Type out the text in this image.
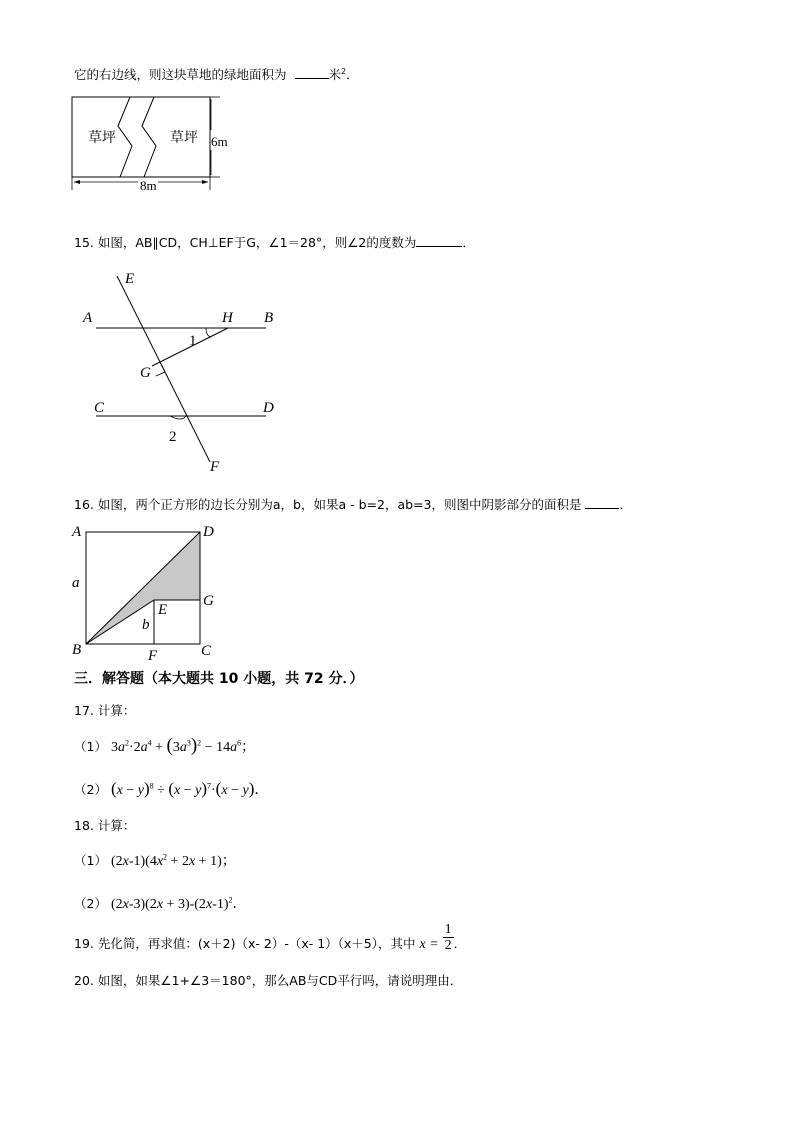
它的右边线，则这块草地的绿地面积为	米$^2$．
草坪	草坪 6m
8m
15. 如图，AB∥CD，CH⊥EF于G，∠1＝28°，则∠2的度数为	．
E
A	H B
1
G
C	D
2
F
16. 如图，两个正方形的边长分别为a，b，如果a - b=2，ab=3，则图中阴影部分的面积是	．
A	D
a
E
G
b
B	F	C
三．解答题（本大题共 10 小题，共 72 分．）
17. 计算：
（1） $3a^2\cdot 2a^4 + (3a^3)^2 - 14a^6$；
（2） $(x - y)^8 \div (x - y)^7\cdot(x - y)$．
18. 计算：
（1） $(2x-1)(4x^2 + 2x + 1)$；
（2） $(2x-3)(2x + 3)-(2x-1)^2$．
19. 先化简，再求值：(x＋2)（x- 2）-（x- 1）（x＋5），其中 $x = \frac{1}{2}$ ．
20. 如图，如果∠1+∠3＝180°，那么AB与CD平行吗，请说明理由．
